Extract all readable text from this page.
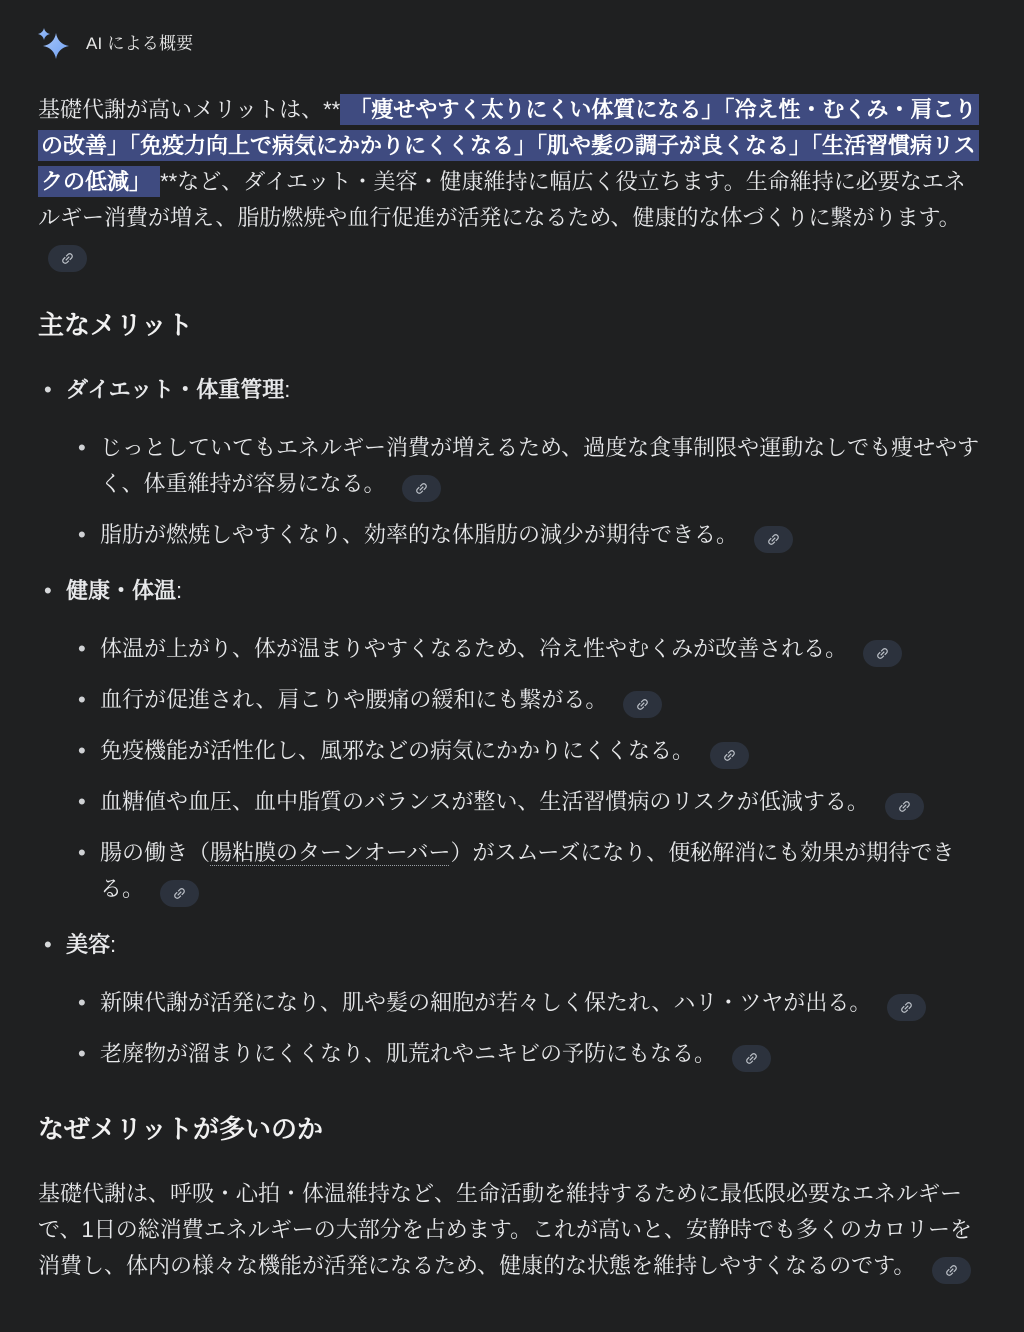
AI による概要

基礎代謝が高いメリットは、** 「痩せやすく太りにくい体質になる」「冷え性・むくみ・肩こりの改善」「免疫力向上で病気にかかりにくくなる」「肌や髪の調子が良くなる」「生活習慣病リスクの低減」 **など、ダイエット・美容・健康維持に幅広く役立ちます。生命維持に必要なエネルギー消費が増え、脂肪燃焼や血行促進が活発になるため、健康的な体づくりに繋がります。

主なメリット
• ダイエット・体重管理:
• じっとしていてもエネルギー消費が増えるため、過度な食事制限や運動なしでも痩せやすく、体重維持が容易になる。
• 脂肪が燃焼しやすくなり、効率的な体脂肪の減少が期待できる。
• 健康・体温:
• 体温が上がり、体が温まりやすくなるため、冷え性やむくみが改善される。
• 血行が促進され、肩こりや腰痛の緩和にも繋がる。
• 免疫機能が活性化し、風邪などの病気にかかりにくくなる。
• 血糖値や血圧、血中脂質のバランスが整い、生活習慣病のリスクが低減する。
• 腸の働き（腸粘膜のターンオーバー）がスムーズになり、便秘解消にも効果が期待できる。
• 美容:
• 新陳代謝が活発になり、肌や髪の細胞が若々しく保たれ、ハリ・ツヤが出る。
• 老廃物が溜まりにくくなり、肌荒れやニキビの予防にもなる。
なぜメリットが多いのか

基礎代謝は、呼吸・心拍・体温維持など、生命活動を維持するために最低限必要なエネルギーで、1日の総消費エネルギーの大部分を占めます。これが高いと、安静時でも多くのカロリーを消費し、体内の様々な機能が活発になるため、健康的な状態を維持しやすくなるのです。
